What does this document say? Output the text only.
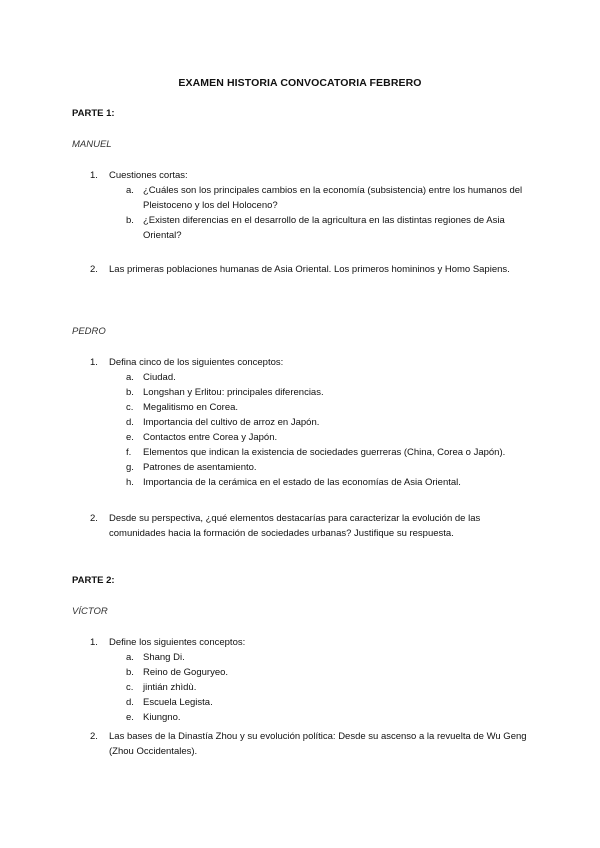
EXAMEN HISTORIA CONVOCATORIA FEBRERO
PARTE 1:
MANUEL
1.	Cuestiones cortas:
a. ¿Cuáles son los principales cambios en la economía (subsistencia) entre los humanos del Pleistoceno y los del Holoceno?
b. ¿Existen diferencias en el desarrollo de la agricultura en las distintas regiones de Asia Oriental?
2.	Las primeras poblaciones humanas de Asia Oriental. Los primeros homininos y Homo Sapiens.
PEDRO
1.	Defina cinco de los siguientes conceptos:
a. Ciudad.
b. Longshan y Erlitou: principales diferencias.
c.	Megalitismo en Corea.
d. Importancia del cultivo de arroz en Japón.
e. Contactos entre Corea y Japón.
f.	Elementos que indican la existencia de sociedades guerreras (China, Corea o Japón).
g. Patrones de asentamiento.
h. Importancia de la cerámica en el estado de las economías de Asia Oriental.
2.	Desde su perspectiva, ¿qué elementos destacarías para caracterizar la evolución de las comunidades hacia la formación de sociedades urbanas? Justifique su respuesta.
PARTE 2:
VÍCTOR
1.	Define los siguientes conceptos:
a. Shang Di.
b. Reino de Goguryeo.
c.	jintián zhìdù.
d. Escuela Legista.
e. Kiungno.
2.	Las bases de la Dinastía Zhou y su evolución política: Desde su ascenso a la revuelta de Wu Geng (Zhou Occidentales).
